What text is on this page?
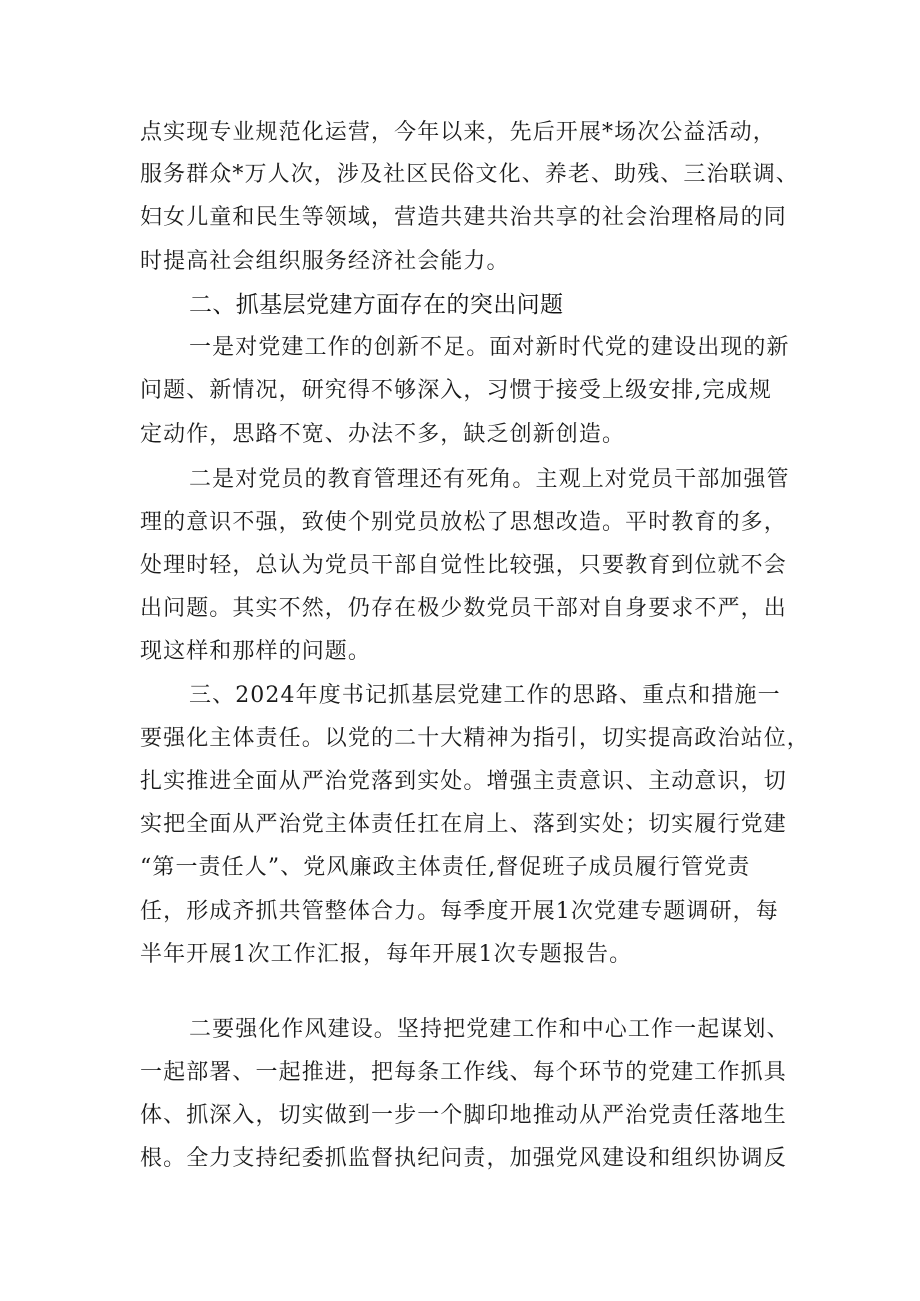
点实现专业规范化运营，今年以来，先后开展*场次公益活动，
服务群众*万人次，涉及社区民俗文化、养老、助残、三治联调、
妇女儿童和民生等领域，营造共建共治共享的社会治理格局的同
时提高社会组织服务经济社会能力。
二、抓基层党建方面存在的突出问题
一是对党建工作的创新不足。面对新时代党的建设出现的新
问题、新情况，研究得不够深入，习惯于接受上级安排,完成规
定动作，思路不宽、办法不多，缺乏创新创造。
二是对党员的教育管理还有死角。主观上对党员干部加强管
理的意识不强，致使个别党员放松了思想改造。平时教育的多，
处理时轻，总认为党员干部自觉性比较强，只要教育到位就不会
出问题。其实不然，仍存在极少数党员干部对自身要求不严，出
现这样和那样的问题。
三、2024年度书记抓基层党建工作的思路、重点和措施一
要强化主体责任。以党的二十大精神为指引，切实提高政治站位，
扎实推进全面从严治党落到实处。增强主责意识、主动意识，切
实把全面从严治党主体责任扛在肩上、落到实处；切实履行党建
“第一责任人”、党风廉政主体责任,督促班子成员履行管党责
任，形成齐抓共管整体合力。每季度开展1次党建专题调研，每
半年开展1次工作汇报，每年开展1次专题报告。
二要强化作风建设。坚持把党建工作和中心工作一起谋划、
一起部署、一起推进，把每条工作线、每个环节的党建工作抓具
体、抓深入，切实做到一步一个脚印地推动从严治党责任落地生
根。全力支持纪委抓监督执纪问责，加强党风建设和组织协调反
